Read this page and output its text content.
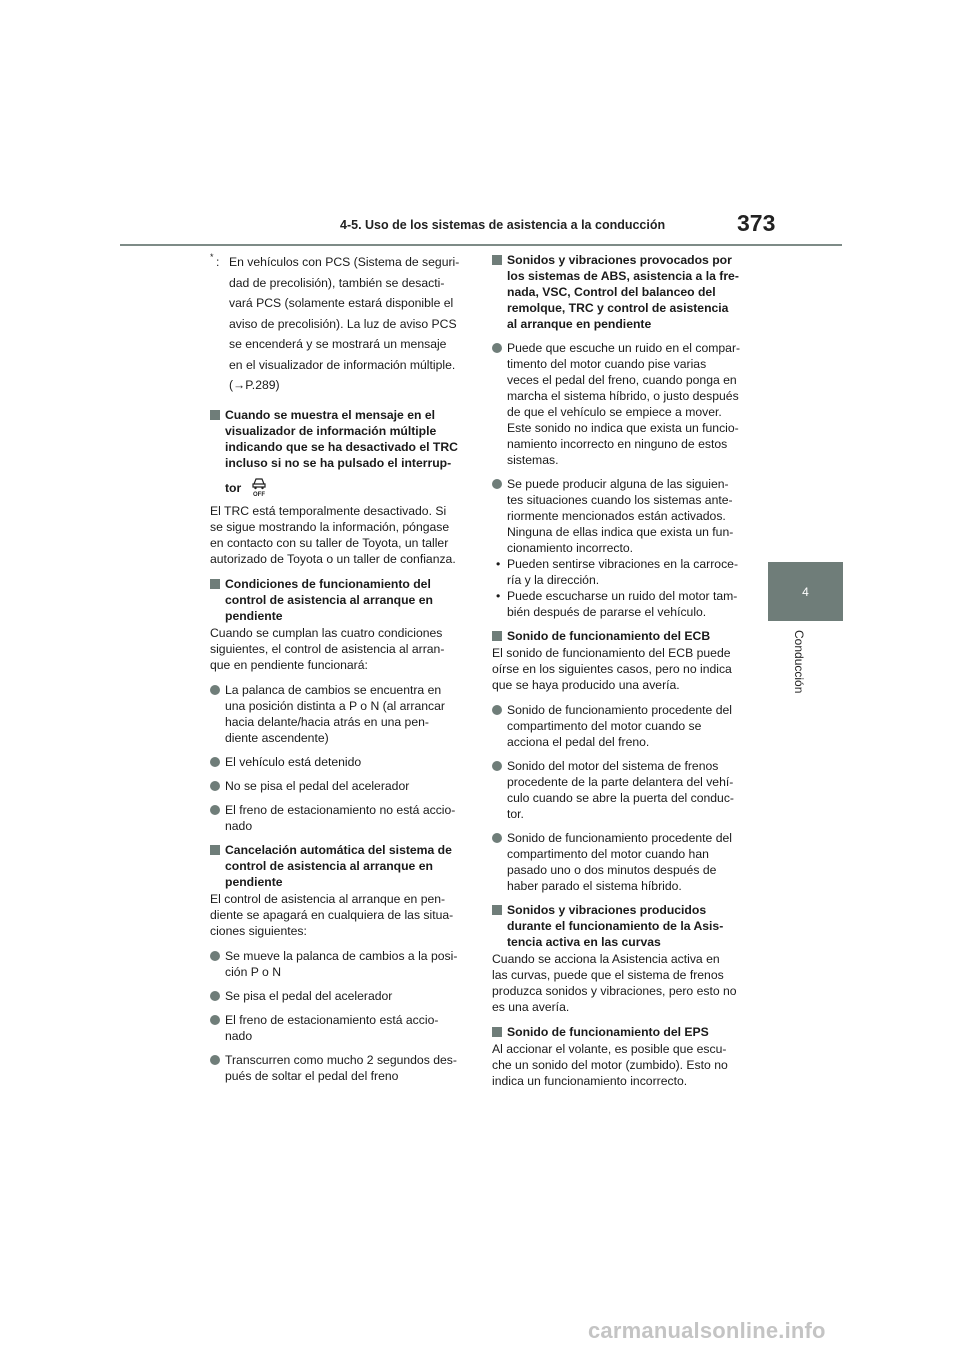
4-5. Uso de los sistemas de asistencia a la conducción	373
4
Conducción
* : En vehículos con PCS (Sistema de seguri-
dad de precolisión), también se desacti-
vará PCS (solamente estará disponible el
aviso de precolisión). La luz de aviso PCS
se encenderá y se mostrará un mensaje
en el visualizador de información múltiple.
(→P.289)
Cuando se muestra el mensaje en el
visualizador de información múltiple
indicando que se ha desactivado el TRC
incluso si no se ha pulsado el interrup-
tor OFF
El TRC está temporalmente desactivado. Si
se sigue mostrando la información, póngase
en contacto con su taller de Toyota, un taller
autorizado de Toyota o un taller de confianza.
Condiciones de funcionamiento del
control de asistencia al arranque en
pendiente
Cuando se cumplan las cuatro condiciones
siguientes, el control de asistencia al arran-
que en pendiente funcionará:
La palanca de cambios se encuentra en
una posición distinta a P o N (al arrancar
hacia delante/hacia atrás en una pen-
diente ascendente)
El vehículo está detenido
No se pisa el pedal del acelerador
El freno de estacionamiento no está accio-
nado
Cancelación automática del sistema de
control de asistencia al arranque en
pendiente
El control de asistencia al arranque en pen-
diente se apagará en cualquiera de las situa-
ciones siguientes:
Se mueve la palanca de cambios a la posi-
ción P o N
Se pisa el pedal del acelerador
El freno de estacionamiento está accio-
nado
Transcurren como mucho 2 segundos des-
pués de soltar el pedal del freno
Sonidos y vibraciones provocados por
los sistemas de ABS, asistencia a la fre-
nada, VSC, Control del balanceo del
remolque, TRC y control de asistencia
al arranque en pendiente
Puede que escuche un ruido en el compar-
timento del motor cuando pise varias
veces el pedal del freno, cuando ponga en
marcha el sistema híbrido, o justo después
de que el vehículo se empiece a mover.
Este sonido no indica que exista un funcio-
namiento incorrecto en ninguno de estos
sistemas.
Se puede producir alguna de las siguien-
tes situaciones cuando los sistemas ante-
riormente mencionados están activados.
Ninguna de ellas indica que exista un fun-
cionamiento incorrecto.
• Pueden sentirse vibraciones en la carroce-
ría y la dirección.
• Puede escucharse un ruido del motor tam-
bién después de pararse el vehículo.
Sonido de funcionamiento del ECB
El sonido de funcionamiento del ECB puede
oírse en los siguientes casos, pero no indica
que se haya producido una avería.
Sonido de funcionamiento procedente del
compartimento del motor cuando se
acciona el pedal del freno.
Sonido del motor del sistema de frenos
procedente de la parte delantera del vehí-
culo cuando se abre la puerta del conduc-
tor.
Sonido de funcionamiento procedente del
compartimento del motor cuando han
pasado uno o dos minutos después de
haber parado el sistema híbrido.
Sonidos y vibraciones producidos
durante el funcionamiento de la Asis-
tencia activa en las curvas
Cuando se acciona la Asistencia activa en
las curvas, puede que el sistema de frenos
produzca sonidos y vibraciones, pero esto no
es una avería.
Sonido de funcionamiento del EPS
Al accionar el volante, es posible que escu-
che un sonido del motor (zumbido). Esto no
indica un funcionamiento incorrecto.
carmanualsonline.info
